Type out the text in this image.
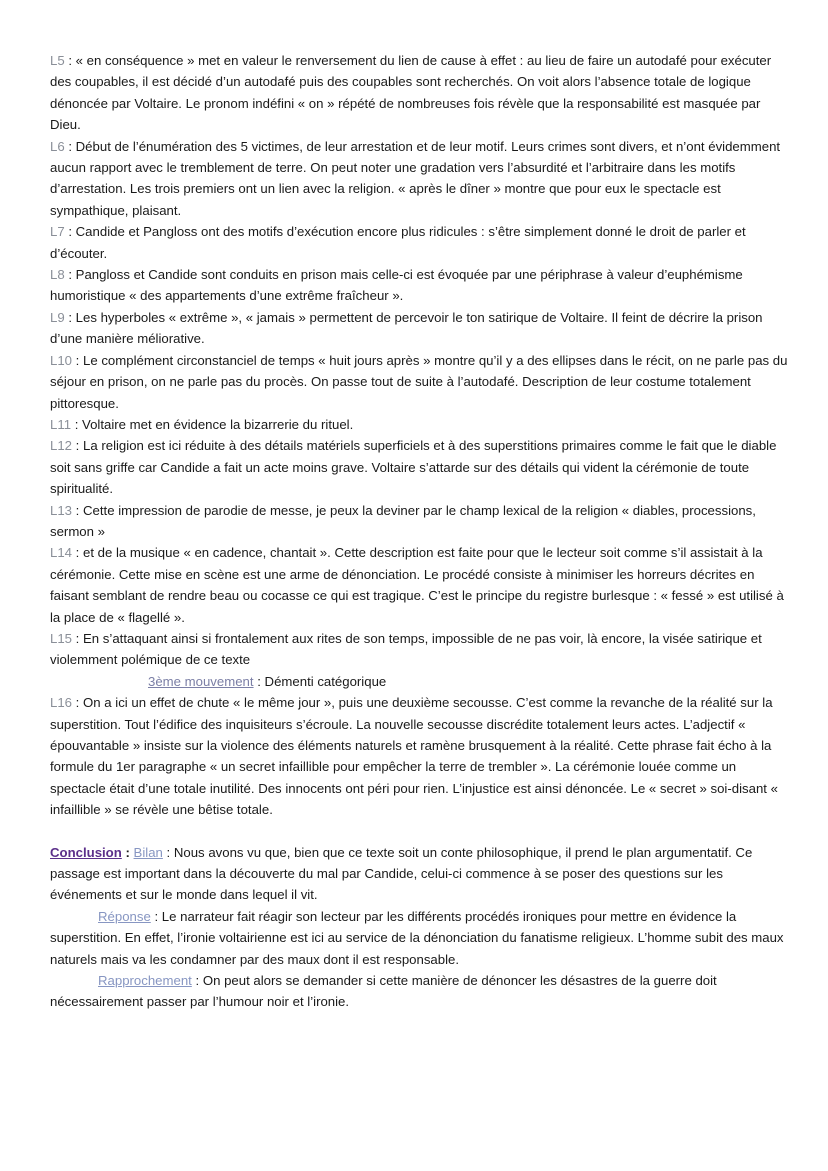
L5 : « en conséquence » met en valeur le renversement du lien de cause à effet : au lieu de faire un autodafé pour exécuter des coupables, il est décidé d’un autodafé puis des coupables sont recherchés. On voit alors l’absence totale de logique dénoncée par Voltaire. Le pronom indéfini « on » répété de nombreuses fois révèle que la responsabilité est masquée par Dieu.

L6 : Début de l’énumération des 5 victimes, de leur arrestation et de leur motif. Leurs crimes sont divers, et n’ont évidemment aucun rapport avec le tremblement de terre. On peut noter une gradation vers l’absurdité et l’arbitraire dans les motifs d’arrestation. Les trois premiers ont un lien avec la religion. « après le dîner » montre que pour eux le spectacle est sympathique, plaisant.

L7 : Candide et Pangloss ont des motifs d’exécution encore plus ridicules : s’être simplement donné le droit de parler et d’écouter.

L8 : Pangloss et Candide sont conduits en prison mais celle-ci est évoquée par une périphrase à valeur d’euphémisme humoristique « des appartements d’une extrême fraîcheur ».

L9 : Les hyperboles « extrême », « jamais » permettent de percevoir le ton satirique de Voltaire. Il feint de décrire la prison d’une manière méliorative.

L10 : Le complément circonstanciel de temps « huit jours après » montre qu’il y a des ellipses dans le récit, on ne parle pas du séjour en prison, on ne parle pas du procès. On passe tout de suite à l’autodafé. Description de leur costume totalement pittoresque.

L11 : Voltaire met en évidence la bizarrerie du rituel.

L12 : La religion est ici réduite à des détails matériels superficiels et à des superstitions primaires comme le fait que le diable soit sans griffe car Candide a fait un acte moins grave. Voltaire s’attarde sur des détails qui vident la cérémonie de toute spiritualité.

L13 : Cette impression de parodie de messe, je peux la deviner par le champ lexical de la religion « diables, processions, sermon »

L14 : et de la musique « en cadence, chantait ». Cette description est faite pour que le lecteur soit comme s’il assistait à la cérémonie. Cette mise en scène est une arme de dénonciation. Le procédé consiste à minimiser les horreurs décrites en faisant semblant de rendre beau ou cocasse ce qui est tragique. C’est le principe du registre burlesque : « fessé » est utilisé à la place de « flagellé ».

L15 : En s’attaquant ainsi si frontalement aux rites de son temps, impossible de ne pas voir, là encore, la visée satirique et violemment polémique de ce texte

3ème mouvement : Démenti catégorique

L16 : On a ici un effet de chute « le même jour », puis une deuxième secousse. C’est comme la revanche de la réalité sur la superstition. Tout l’édifice des inquisiteurs s’écroule. La nouvelle secousse discrédite totalement leurs actes. L’adjectif « épouvantable » insiste sur la violence des éléments naturels et ramène brusquement à la réalité. Cette phrase fait écho à la formule du 1er paragraphe « un secret infaillible pour empêcher la terre de trembler ». La cérémonie louée comme un spectacle était d’une totale inutilité. Des innocents ont péri pour rien. L’injustice est ainsi dénoncée. Le « secret » soi-disant « infaillible » se révèle une bêtise totale.

Conclusion : Bilan : Nous avons vu que, bien que ce texte soit un conte philosophique, il prend le plan argumentatif. Ce passage est important dans la découverte du mal par Candide, celui-ci commence à se poser des questions sur les événements et sur le monde dans lequel il vit.

Réponse : Le narrateur fait réagir son lecteur par les différents procédés ironiques pour mettre en évidence la superstition. En effet, l’ironie voltairienne est ici au service de la dénonciation du fanatisme religieux. L’homme subit des maux naturels mais va les condamner par des maux dont il est responsable.

Rapprochement : On peut alors se demander si cette manière de dénoncer les désastres de la guerre doit nécessairement passer par l’humour noir et l’ironie.
